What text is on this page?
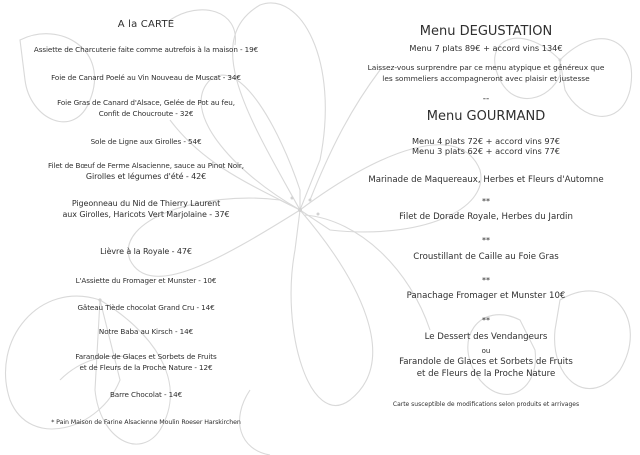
A la CARTE
Assiette de Charcuterie faite comme autrefois à la maison - 19€
Foie de Canard Poelé au Vin Nouveau de Muscat - 34€
Foie Gras de Canard d'Alsace, Gelée de Pot au feu,
Confit de Choucroute - 32€
Sole de Ligne aux Girolles - 54€
Filet de Bœuf de Ferme Alsacienne, sauce au Pinot Noir,
Girolles et légumes d'été - 42€
Pigeonneau du Nid de Thierry Laurent
aux Girolles, Haricots Vert Marjolaine - 37€
Lièvre à la Royale - 47€
L'Assiette du Fromager et Munster - 10€
Gâteau Tiède chocolat Grand Cru - 14€
Notre Baba au Kirsch - 14€
Farandole de Glaces et Sorbets de Fruits
et de Fleurs de la Proche Nature - 12€
Barre Chocolat - 14€
* Pain Maison de Farine Alsacienne Moulin Roeser Harskirchen
Menu DEGUSTATION
Menu 7 plats 89€ + accord vins 134€
Laissez-vous surprendre par ce menu atypique et généreux que
les sommeliers accompagneront avec plaisir et justesse
--
Menu GOURMAND
Menu 4 plats 72€ + accord vins 97€
Menu 3 plats 62€ + accord vins 77€
Marinade de Maquereaux, Herbes et Fleurs d'Automne
**
Filet de Dorade Royale, Herbes du Jardin
**
Croustillant de Caille au Foie Gras
**
Panachage Fromager et Munster 10€
**
Le Dessert des Vendangeurs
ou
Farandole de Glaces et Sorbets de Fruits
et de Fleurs de la Proche Nature
Carte susceptible de modifications selon produits et arrivages
